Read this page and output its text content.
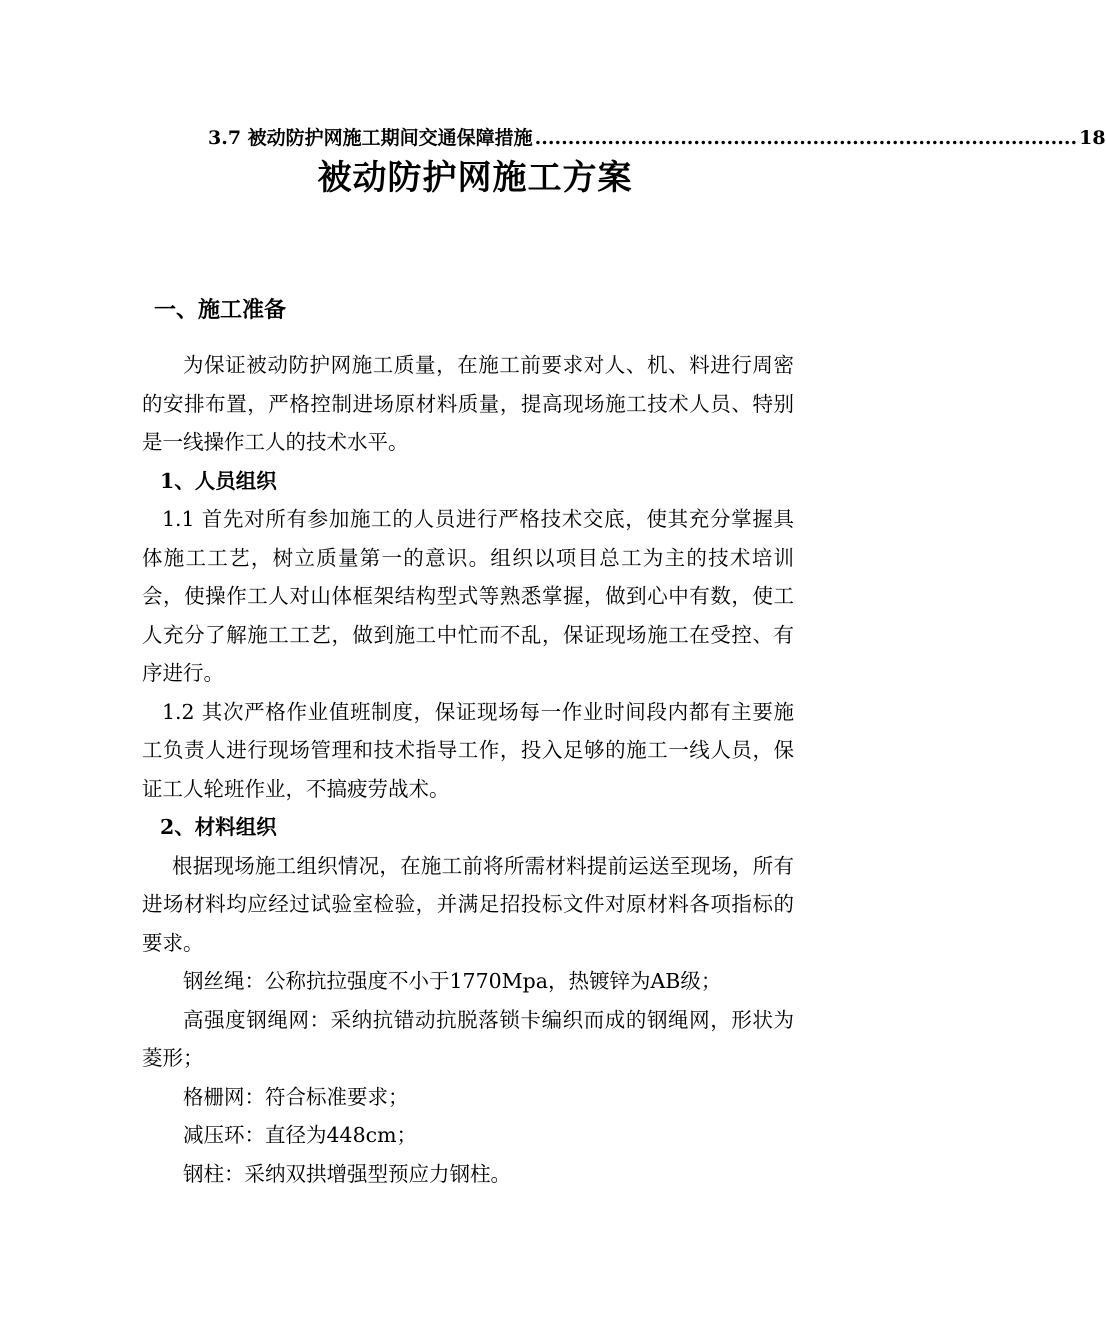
3.7 被动防护网施工期间交通保障措施 .................................................................................. 18
被动防护网施工方案

一、施工准备

为保证被动防护网施工质量，在施工前要求对人、机、料进行周密的安排布置，严格控制进场原材料质量，提高现场施工技术人员、特别是一线操作工人的技术水平。

1、人员组织

1.1 首先对所有参加施工的人员进行严格技术交底，使其充分掌握具体施工工艺，树立质量第一的意识。组织以项目总工为主的技术培训会，使操作工人对山体框架结构型式等熟悉掌握，做到心中有数，使工人充分了解施工工艺，做到施工中忙而不乱，保证现场施工在受控、有序进行。

1.2 其次严格作业值班制度，保证现场每一作业时间段内都有主要施工负责人进行现场管理和技术指导工作，投入足够的施工一线人员，保证工人轮班作业，不搞疲劳战术。

2、材料组织

根据现场施工组织情况，在施工前将所需材料提前运送至现场，所有进场材料均应经过试验室检验，并满足招投标文件对原材料各项指标的要求。

钢丝绳：公称抗拉强度不小于1770Mpa，热镀锌为AB级；

高强度钢绳网：采纳抗错动抗脱落锁卡编织而成的钢绳网，形状为菱形；

格栅网：符合标准要求；

减压环：直径为448cm；

钢柱：采纳双拱增强型预应力钢柱。
